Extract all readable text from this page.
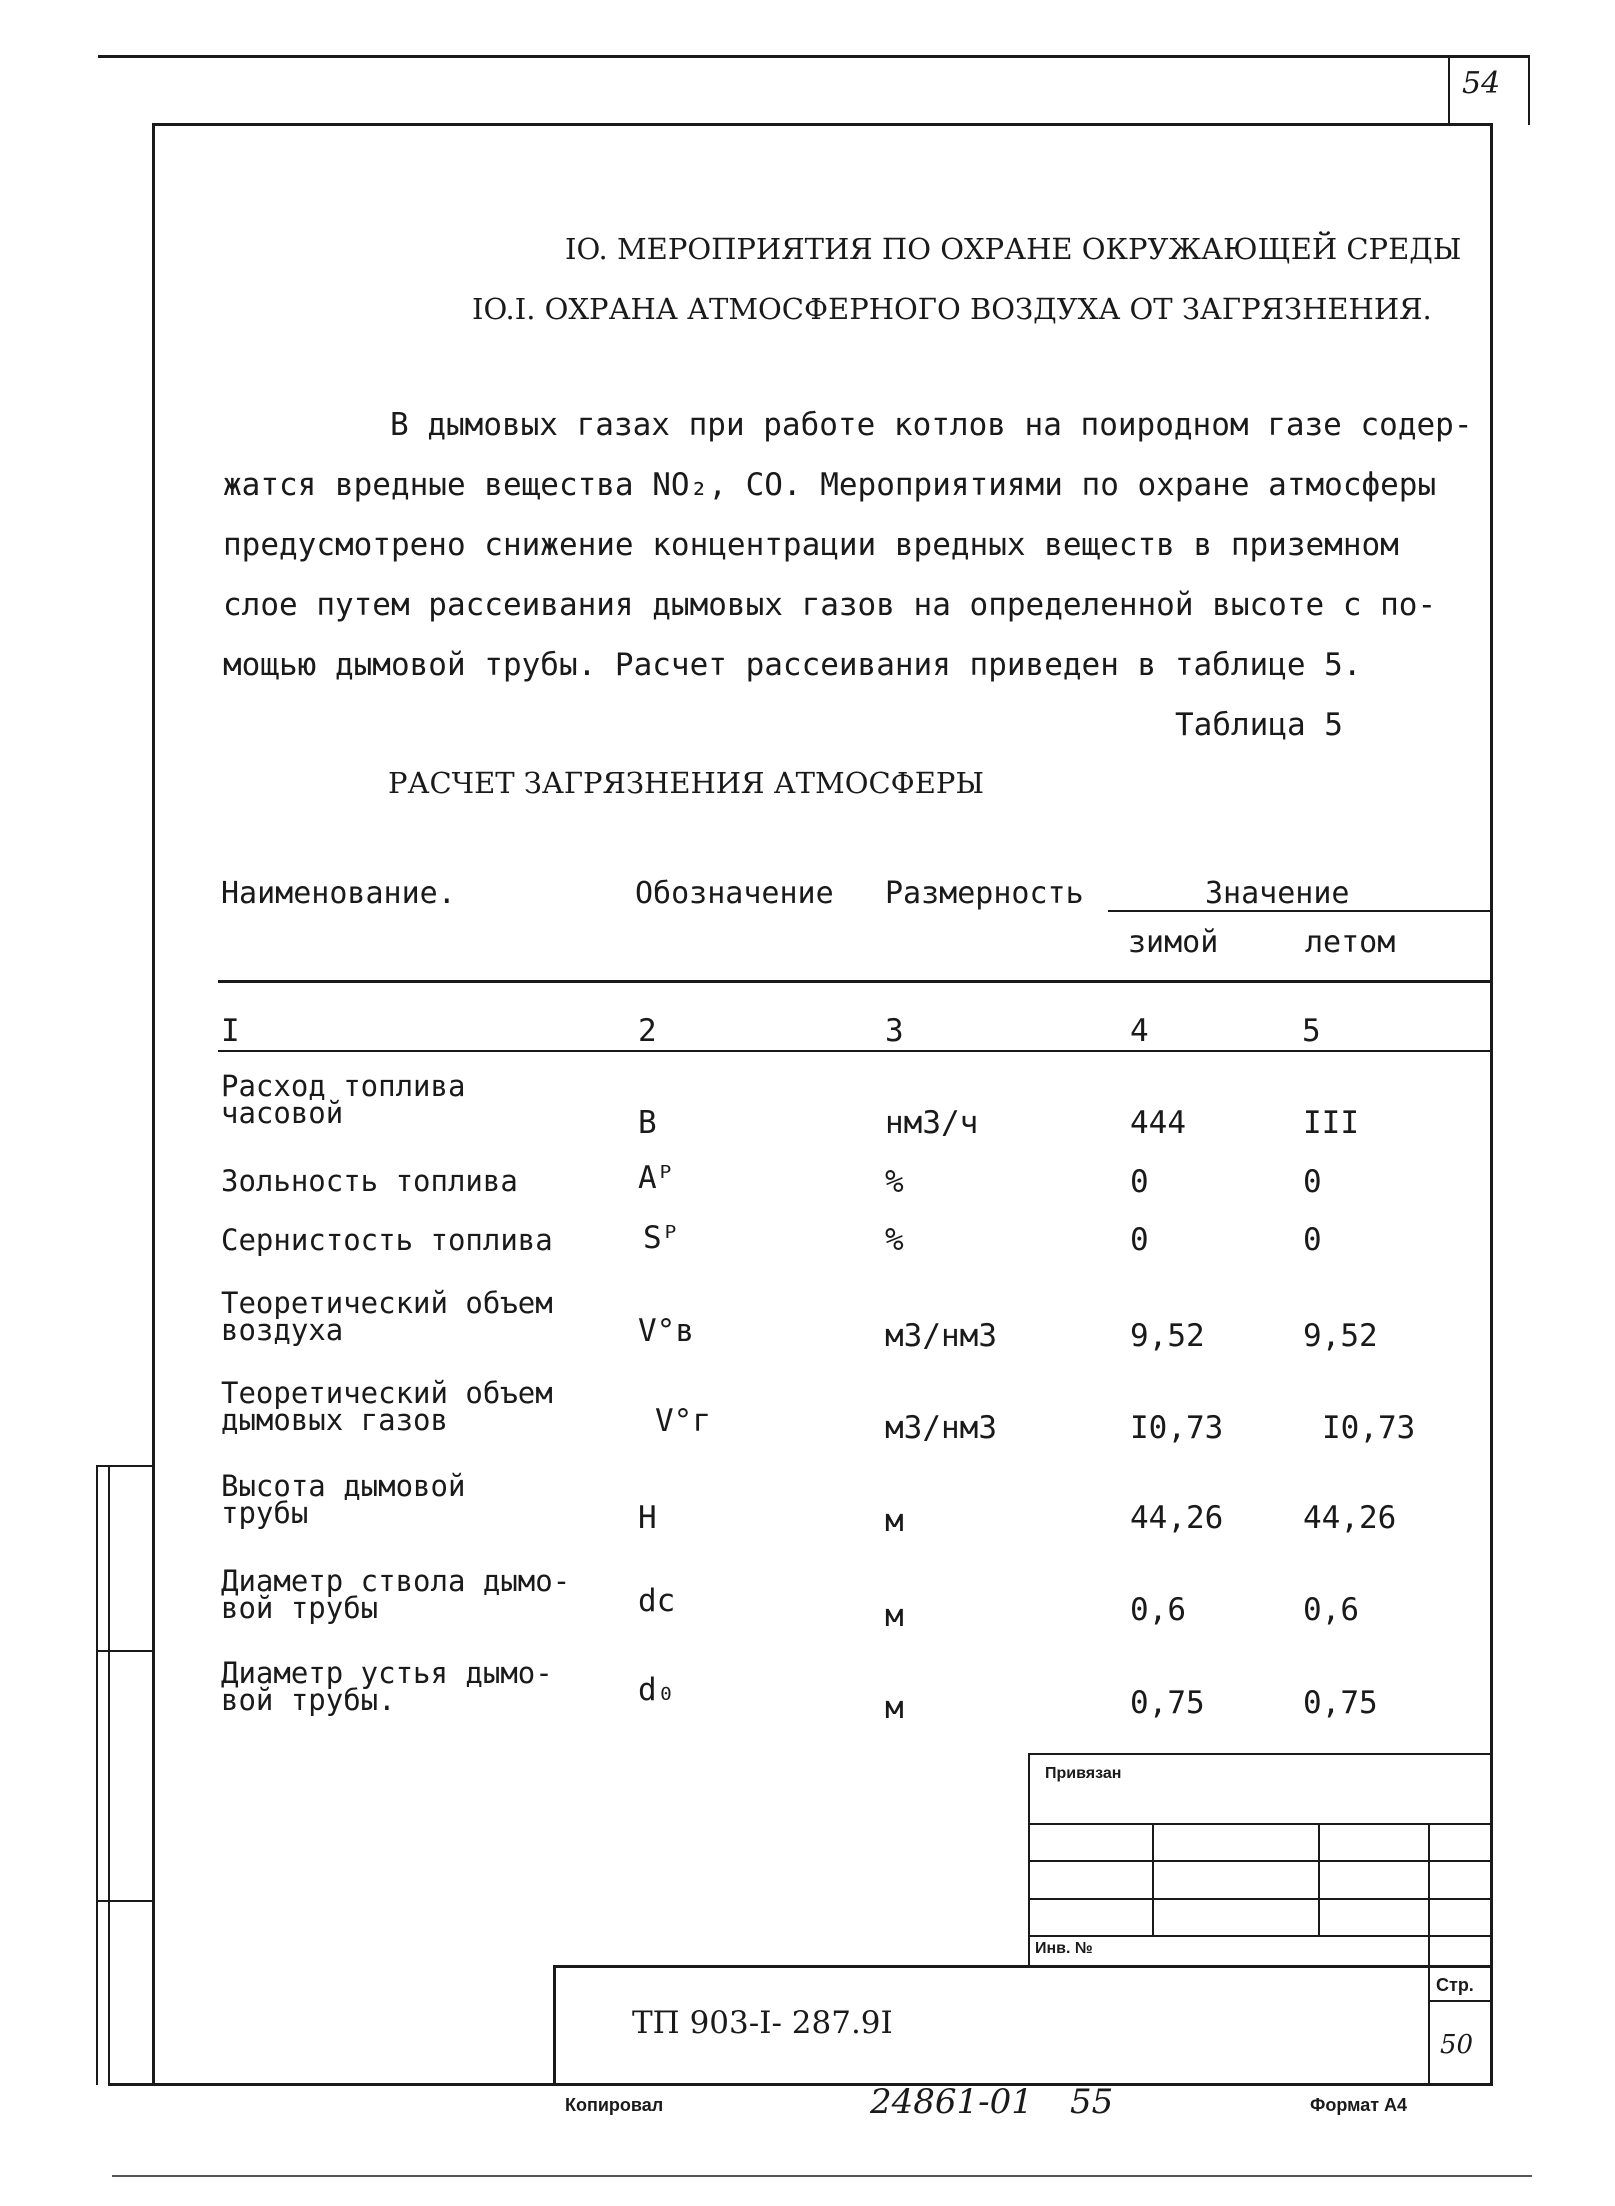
54
IO. МЕРОПРИЯТИЯ ПО ОХРАНЕ ОКРУЖАЮЩЕЙ СРЕДЫ
IO.I. ОХРАНА АТМОСФЕРНОГО ВОЗДУХА ОТ ЗАГРЯЗНЕНИЯ.
В дымовых газах при работе котлов на поиродном газе содер-
жатся вредные вещества NO₂, CO. Мероприятиями по охране атмосферы
предусмотрено снижение концентрации вредных веществ в приземном
слое путем рассеивания дымовых газов на определенной высоте с по-
мощью дымовой трубы. Расчет рассеивания приведен в таблице 5.
Таблица 5
РАСЧЕТ ЗАГРЯЗНЕНИЯ АТМОСФЕРЫ
Наименование.	Обозначение Размерность	Значение
зимой	летом
I	2	3	4	5
Расход топлива
часовой	B	нм3/ч	444	III
Зольность топлива	Aᴾ	%	0	0
Сернистость топлива	Sᴾ	%	0	0
Теоретический объем
воздуха	V°в	м3/нм3	9,52	9,52
Теоретический объем
дымовых газов	V°г	м3/нм3	I0,73	I0,73
Высота дымовой
трубы	H	м	44,26	44,26
Диаметр ствола дымо-
вой трубы	dс	м	0,6	0,6
Диаметр устья дымо-
вой трубы.	d₀	м	0,75	0,75
Привязан
Инв. №
ТП 903-I- 287.9I
Стр.
50
Копировал	24861-01 55	Формат А4
